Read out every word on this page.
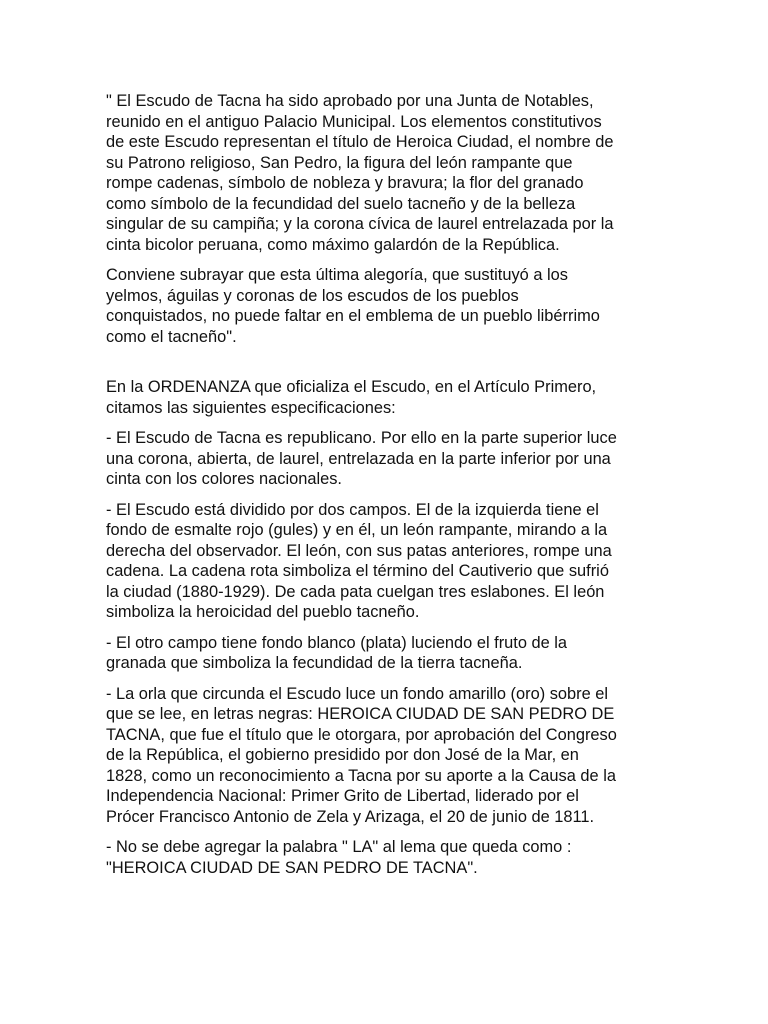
" El Escudo de Tacna ha sido aprobado por una Junta de Notables,
reunido en el antiguo Palacio Municipal. Los elementos constitutivos
de este Escudo representan el título de Heroica Ciudad, el nombre de
su Patrono religioso, San Pedro, la figura del león rampante que
rompe cadenas, símbolo de nobleza y bravura; la flor del granado
como símbolo de la fecundidad del suelo tacneño y de la belleza
singular de su campiña; y la corona cívica de laurel entrelazada por la
cinta bicolor peruana, como máximo galardón de la República.

Conviene subrayar que esta última alegoría, que sustituyó a los
yelmos, águilas y coronas de los escudos de los pueblos
conquistados, no puede faltar en el emblema de un pueblo libérrimo
como el tacneño".

En la ORDENANZA que oficializa el Escudo, en el Artículo Primero,
citamos las siguientes especificaciones:

- El Escudo de Tacna es republicano. Por ello en la parte superior luce
una corona, abierta, de laurel, entrelazada en la parte inferior por una
cinta con los colores nacionales.

- El Escudo está dividido por dos campos. El de la izquierda tiene el
fondo de esmalte rojo (gules) y en él, un león rampante, mirando a la
derecha del observador. El león, con sus patas anteriores, rompe una
cadena. La cadena rota simboliza el término del Cautiverio que sufrió
la ciudad (1880-1929). De cada pata cuelgan tres eslabones. El león
simboliza la heroicidad del pueblo tacneño.

- El otro campo tiene fondo blanco (plata) luciendo el fruto de la
granada que simboliza la fecundidad de la tierra tacneña.

- La orla que circunda el Escudo luce un fondo amarillo (oro) sobre el
que se lee, en letras negras: HEROICA CIUDAD DE SAN PEDRO DE
TACNA, que fue el título que le otorgara, por aprobación del Congreso
de la República, el gobierno presidido por don José de la Mar, en
1828, como un reconocimiento a Tacna por su aporte a la Causa de la
Independencia Nacional: Primer Grito de Libertad, liderado por el
Prócer Francisco Antonio de Zela y Arizaga, el 20 de junio de 1811.

- No se debe agregar la palabra " LA" al lema que queda como :
"HEROICA CIUDAD DE SAN PEDRO DE TACNA".
